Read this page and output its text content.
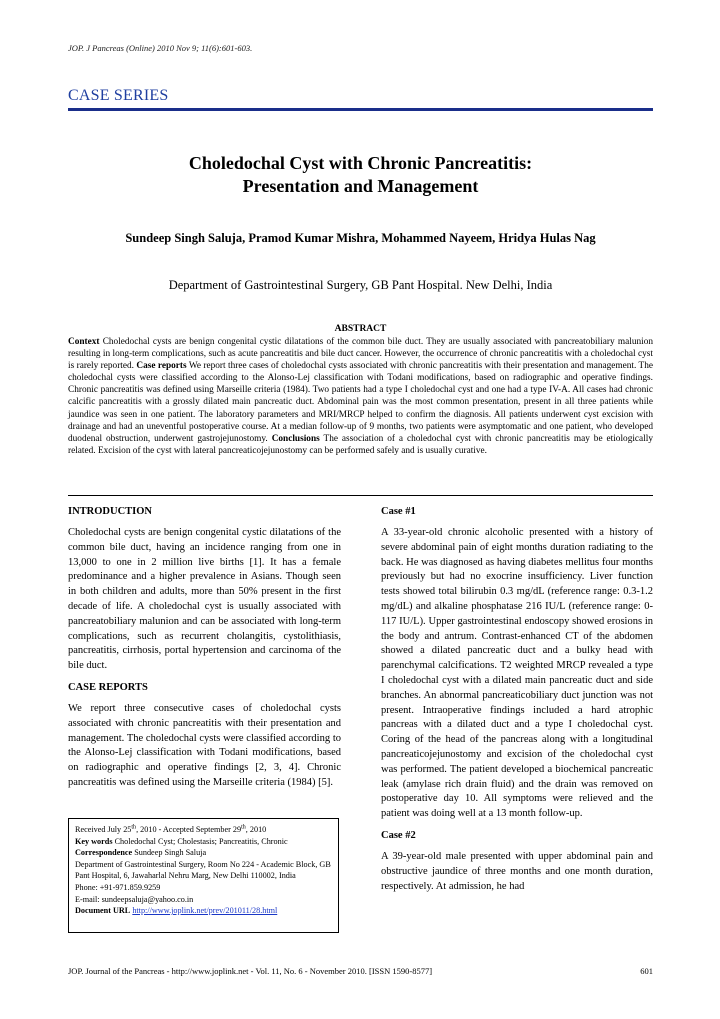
JOP. J Pancreas (Online) 2010 Nov 9; 11(6):601-603.
CASE SERIES
Choledochal Cyst with Chronic Pancreatitis:
Presentation and Management
Sundeep Singh Saluja, Pramod Kumar Mishra, Mohammed Nayeem, Hridya Hulas Nag
Department of Gastrointestinal Surgery, GB Pant Hospital. New Delhi, India
ABSTRACT
Context Choledochal cysts are benign congenital cystic dilatations of the common bile duct. They are usually associated with pancreatobiliary malunion resulting in long-term complications, such as acute pancreatitis and bile duct cancer. However, the occurrence of chronic pancreatitis with a choledochal cyst is rarely reported. Case reports We report three cases of choledochal cysts associated with chronic pancreatitis with their presentation and management. The choledochal cysts were classified according to the Alonso-Lej classification with Todani modifications, based on radiographic and operative findings. Chronic pancreatitis was defined using Marseille criteria (1984). Two patients had a type I choledochal cyst and one had a type IV-A. All cases had chronic calcific pancreatitis with a grossly dilated main pancreatic duct. Abdominal pain was the most common presentation, present in all three patients while jaundice was seen in one patient. The laboratory parameters and MRI/MRCP helped to confirm the diagnosis. All patients underwent cyst excision with drainage and had an uneventful postoperative course. At a median follow-up of 9 months, two patients were asymptomatic and one patient, who developed duodenal obstruction, underwent gastrojejunostomy. Conclusions The association of a choledochal cyst with chronic pancreatitis may be etiologically related. Excision of the cyst with lateral pancreaticojejunostomy can be performed safely and is usually curative.

INTRODUCTION

Choledochal cysts are benign congenital cystic dilatations of the common bile duct, having an incidence ranging from one in 13,000 to one in 2 million live births [1]. It has a female predominance and a higher prevalence in Asians. Though seen in both children and adults, more than 50% present in the first decade of life. A choledochal cyst is usually associated with pancreatobiliary malunion and can be associated with long-term complications, such as recurrent cholangitis, cystolithiasis, pancreatitis, cirrhosis, portal hypertension and carcinoma of the bile duct.

CASE REPORTS

We report three consecutive cases of choledochal cysts associated with chronic pancreatitis with their presentation and management. The choledochal cysts were classified according to the Alonso-Lej classification with Todani modifications, based on radiographic and operative findings [2, 3, 4]. Chronic pancreatitis was defined using the Marseille criteria (1984) [5].

Received July 25th, 2010 - Accepted September 29th, 2010
Key words Choledochal Cyst; Cholestasis; Pancreatitis, Chronic
Correspondence Sundeep Singh Saluja
Department of Gastrointestinal Surgery, Room No 224 - Academic Block, GB Pant Hospital, 6, Jawaharlal Nehru Marg, New Delhi 110002, India
Phone: +91-971.859.9259
E-mail: sundeepsaluja@yahoo.co.in
Document URL http://www.joplink.net/prev/201011/28.html

Case #1

A 33-year-old chronic alcoholic presented with a history of severe abdominal pain of eight months duration radiating to the back. He was diagnosed as having diabetes mellitus four months previously but had no exocrine insufficiency. Liver function tests showed total bilirubin 0.3 mg/dL (reference range: 0.3-1.2 mg/dL) and alkaline phosphatase 216 IU/L (reference range: 0-117 IU/L). Upper gastrointestinal endoscopy showed erosions in the body and antrum. Contrast-enhanced CT of the abdomen showed a dilated pancreatic duct and a bulky head with parenchymal calcifications. T2 weighted MRCP revealed a type I choledochal cyst with a dilated main pancreatic duct and side branches. An abnormal pancreaticobiliary duct junction was not present. Intraoperative findings included a hard atrophic pancreas with a dilated duct and a type I choledochal cyst. Coring of the head of the pancreas along with a longitudinal pancreaticojejunostomy and excision of the choledochal cyst was performed. The patient developed a biochemical pancreatic leak (amylase rich drain fluid) and the drain was removed on postoperative day 10. All symptoms were relieved and the patient was doing well at a 13 month follow-up.

Case #2

A 39-year-old male presented with upper abdominal pain and obstructive jaundice of three months and one month duration, respectively. At admission, he had

JOP. Journal of the Pancreas - http://www.joplink.net - Vol. 11, No. 6 - November 2010. [ISSN 1590-8577]	601
